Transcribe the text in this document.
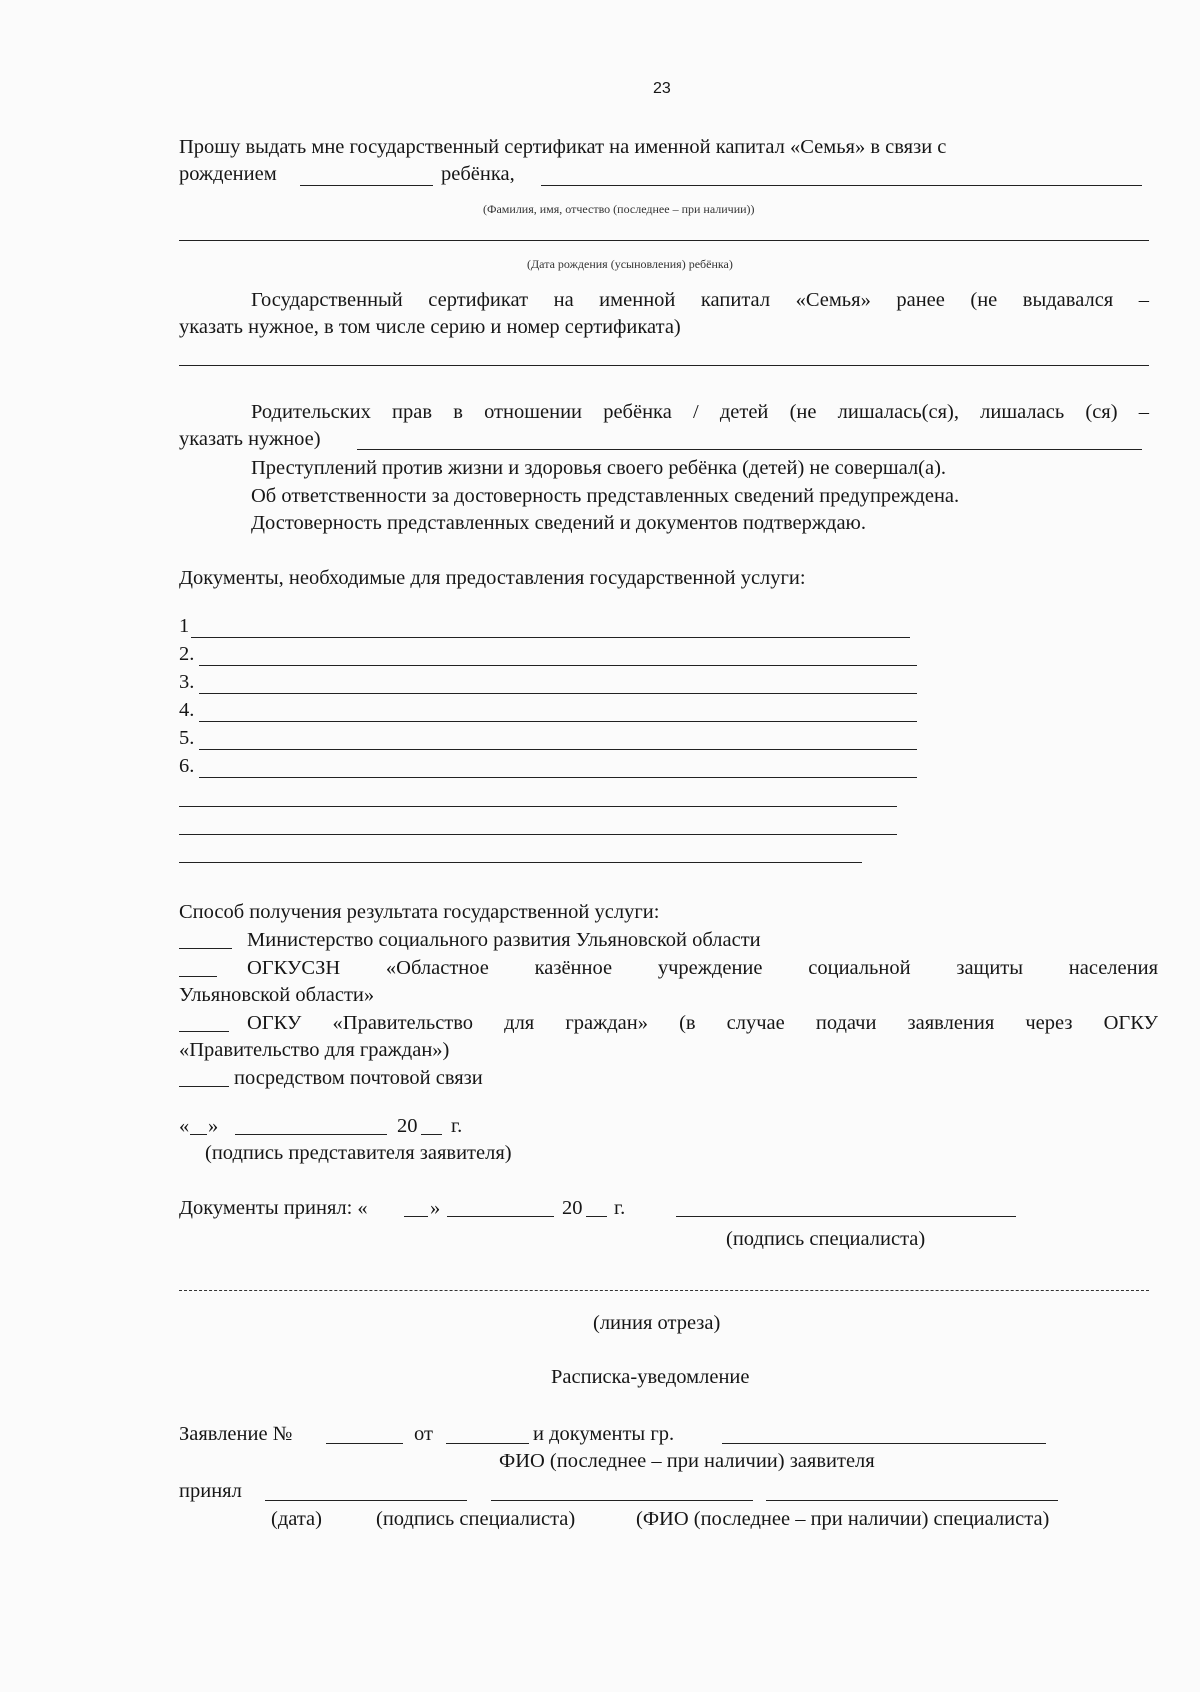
23
Прошу выдать мне государственный сертификат на именной капитал «Семья» в связи с
рождением	ребёнка,
(Фамилия, имя, отчество (последнее – при наличии))
(Дата рождения (усыновления) ребёнка)
Государственный сертификат на именной капитал «Семья» ранее (не выдавался –
указать нужное, в том числе серию и номер сертификата)
Родительских прав в отношении ребёнка / детей (не лишалась(ся), лишалась (ся) –
указать нужное)
Преступлений против жизни и здоровья своего ребёнка (детей) не совершал(а).
Об ответственности за достоверность представленных сведений предупреждена.
Достоверность представленных сведений и документов подтверждаю.
Документы, необходимые для предоставления государственной услуги:
1
2.
3.
4.
5.
6.
Способ получения результата государственной услуги:
Министерство социального развития Ульяновской области
ОГКУСЗН «Областное казённое учреждение социальной защиты населения
Ульяновской области»
ОГКУ «Правительство для граждан» (в случае подачи заявления через ОГКУ
«Правительство для граждан»)
посредством почтовой связи
« »	20 г.
(подпись представителя заявителя)
Документы принял: «	»	20 г.
(подпись специалиста)
(линия отреза)
Расписка-уведомление
Заявление №	от	и документы гр.
ФИО (последнее – при наличии) заявителя
принял
(дата)	(подпись специалиста)	(ФИО (последнее – при наличии) специалиста)
